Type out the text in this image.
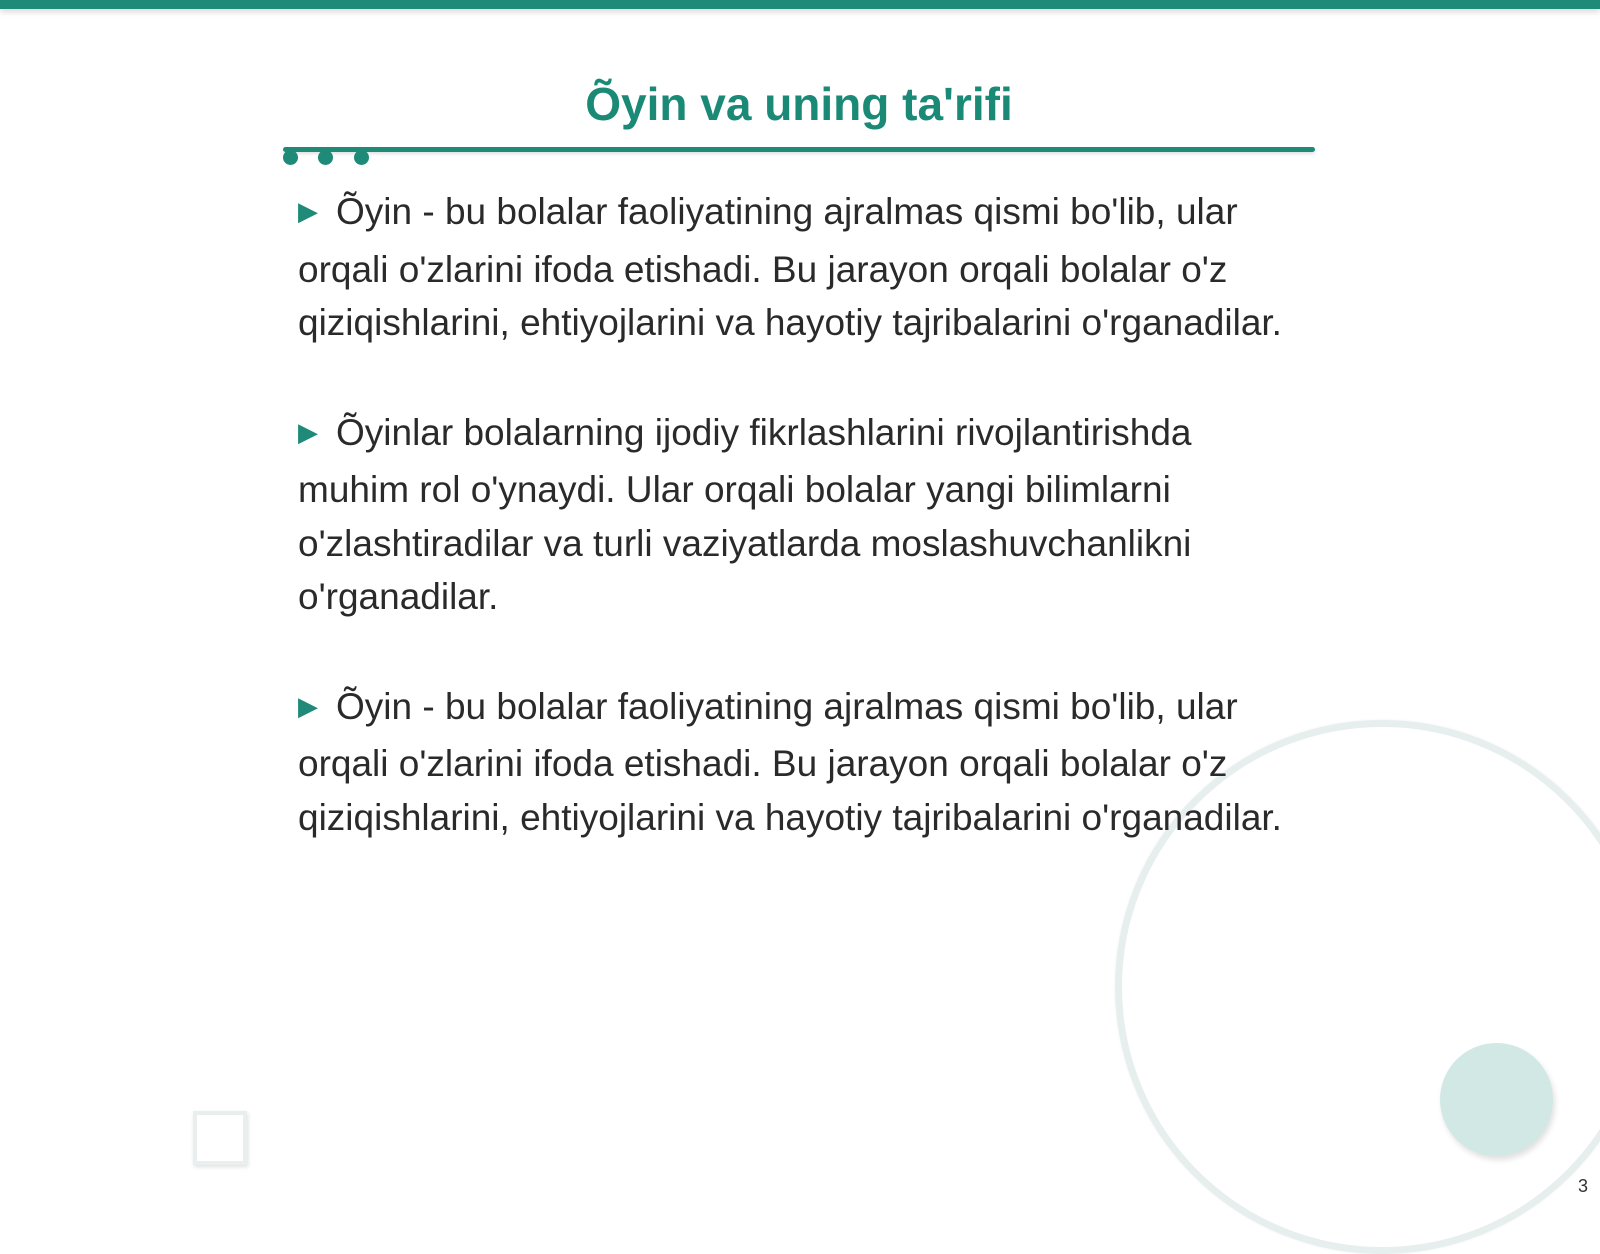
Õyin va uning ta'rifi

▶ Õyin - bu bolalar faoliyatining ajralmas qismi bo'lib, ular orqali o'zlarini ifoda etishadi. Bu jarayon orqali bolalar o'z qiziqishlarini, ehtiyojlarini va hayotiy tajribalarini o'rganadilar.

▶ Õyinlar bolalarning ijodiy fikrlashlarini rivojlantirishda muhim rol o'ynaydi. Ular orqali bolalar yangi bilimlarni o'zlashtiradilar va turli vaziyatlarda moslashuvchanlikni o'rganadilar.

▶ Õyin - bu bolalar faoliyatining ajralmas qismi bo'lib, ular orqali o'zlarini ifoda etishadi. Bu jarayon orqali bolalar o'z qiziqishlarini, ehtiyojlarini va hayotiy tajribalarini o'rganadilar.

3
